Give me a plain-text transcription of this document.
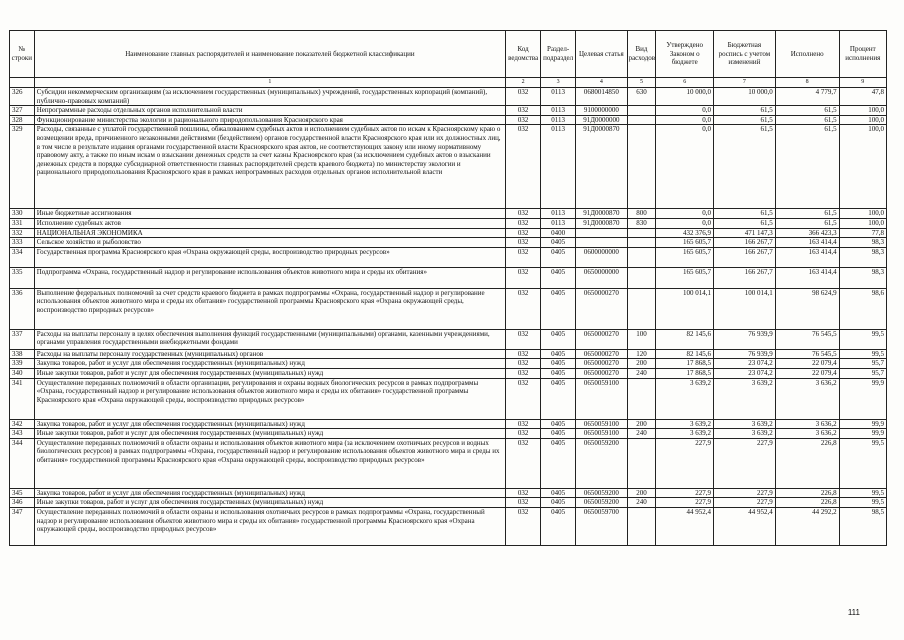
№ строки	Наименование главных распорядителей и наименование показателей бюджетной классификации	Код ведомства	Раздел-подраздел	Целевая статья	Вид расходов	Утверждено Законом о бюджете	Бюджетная роспись с учетом изменений	Исполнено	Процент исполнения
	1	2	3	4	5	6	7	8	9
326	Субсидии некоммерческим организациям (за исключением государственных (муниципальных) учреждений, государственных корпораций (компаний), публично-правовых компаний)	032	0113	0680014850	630	10 000,0	10 000,0	4 779,7	47,8
327	Непрограммные расходы отдельных органов исполнительной власти	032	0113	9100000000		0,0	61,5	61,5	100,0
328	Функционирование министерства экологии и рационального природопользования Красноярского края	032	0113	91Д0000000		0,0	61,5	61,5	100,0
329	Расходы, связанные с уплатой государственной пошлины, обжалованием судебных актов и исполнением судебных актов по искам к Красноярскому краю о возмещении вреда, причиненного незаконными действиями (бездействием) органов государственной власти Красноярского края или их должностных лиц, в том числе в результате издания органами государственной власти Красноярского края актов, не соответствующих закону или иному нормативному правовому акту, а также по иным искам о взыскании денежных средств за счет казны Красноярского края (за исключением судебных актов о взыскании денежных средств в порядке субсидиарной ответственности главных распорядителей средств краевого бюджета) по министерству экологии и рационального природопользования Красноярского края в рамках непрограммных расходов отдельных органов исполнительной власти	032	0113	91Д0000870		0,0	61,5	61,5	100,0
330	Иные бюджетные ассигнования	032	0113	91Д0000870	800	0,0	61,5	61,5	100,0
331	Исполнение судебных актов	032	0113	91Д0000870	830	0,0	61,5	61,5	100,0
332	НАЦИОНАЛЬНАЯ ЭКОНОМИКА	032	0400			432 376,9	471 147,3	366 423,3	77,8
333	Сельское хозяйство и рыболовство	032	0405			165 605,7	166 267,7	163 414,4	98,3
334	Государственная программа Красноярского края «Охрана окружающей среды, воспроизводство природных ресурсов»	032	0405	0600000000		165 605,7	166 267,7	163 414,4	98,3
335	Подпрограмма «Охрана, государственный надзор и регулирование использования объектов животного мира и среды их обитания»	032	0405	0650000000		165 605,7	166 267,7	163 414,4	98,3
336	Выполнение федеральных полномочий за счет средств краевого бюджета в рамках подпрограммы «Охрана, государственный надзор и регулирование использования объектов животного мира и среды их обитания» государственной программы Красноярского края «Охрана окружающей среды, воспроизводство природных ресурсов»	032	0405	0650000270		100 014,1	100 014,1	98 624,9	98,6
337	Расходы на выплаты персоналу в целях обеспечения выполнения функций государственными (муниципальными) органами, казенными учреждениями, органами управления государственными внебюджетными фондами	032	0405	0650000270	100	82 145,6	76 939,9	76 545,5	99,5
338	Расходы на выплаты персоналу государственных (муниципальных) органов	032	0405	0650000270	120	82 145,6	76 939,9	76 545,5	99,5
339	Закупка товаров, работ и услуг для обеспечения государственных (муниципальных) нужд	032	0405	0650000270	200	17 868,5	23 074,2	22 079,4	95,7
340	Иные закупки товаров, работ и услуг для обеспечения государственных (муниципальных) нужд	032	0405	0650000270	240	17 868,5	23 074,2	22 079,4	95,7
341	Осуществление переданных полномочий в области организации, регулирования и охраны водных биологических ресурсов в рамках подпрограммы «Охрана, государственный надзор и регулирование использования объектов животного мира и среды их обитания» государственной программы Красноярского края «Охрана окружающей среды, воспроизводство природных ресурсов»	032	0405	0650059100		3 639,2	3 639,2	3 636,2	99,9
342	Закупка товаров, работ и услуг для обеспечения государственных (муниципальных) нужд	032	0405	0650059100	200	3 639,2	3 639,2	3 636,2	99,9
343	Иные закупки товаров, работ и услуг для обеспечения государственных (муниципальных) нужд	032	0405	0650059100	240	3 639,2	3 639,2	3 636,2	99,9
344	Осуществление переданных полномочий в области охраны и использования объектов животного мира (за исключением охотничьих ресурсов и водных биологических ресурсов) в рамках подпрограммы «Охрана, государственный надзор и регулирование использования объектов животного мира и среды их обитания» государственной программы Красноярского края «Охрана окружающей среды, воспроизводство природных ресурсов»	032	0405	0650059200		227,9	227,9	226,8	99,5
345	Закупка товаров, работ и услуг для обеспечения государственных (муниципальных) нужд	032	0405	0650059200	200	227,9	227,9	226,8	99,5
346	Иные закупки товаров, работ и услуг для обеспечения государственных (муниципальных) нужд	032	0405	0650059200	240	227,9	227,9	226,8	99,5
347	Осуществление переданных полномочий в области охраны и использования охотничьих ресурсов в рамках подпрограммы «Охрана, государственный надзор и регулирование использования объектов животного мира и среды их обитания» государственной программы Красноярского края «Охрана окружающей среды, воспроизводство природных ресурсов»	032	0405	0650059700		44 952,4	44 952,4	44 292,2	98,5
111
